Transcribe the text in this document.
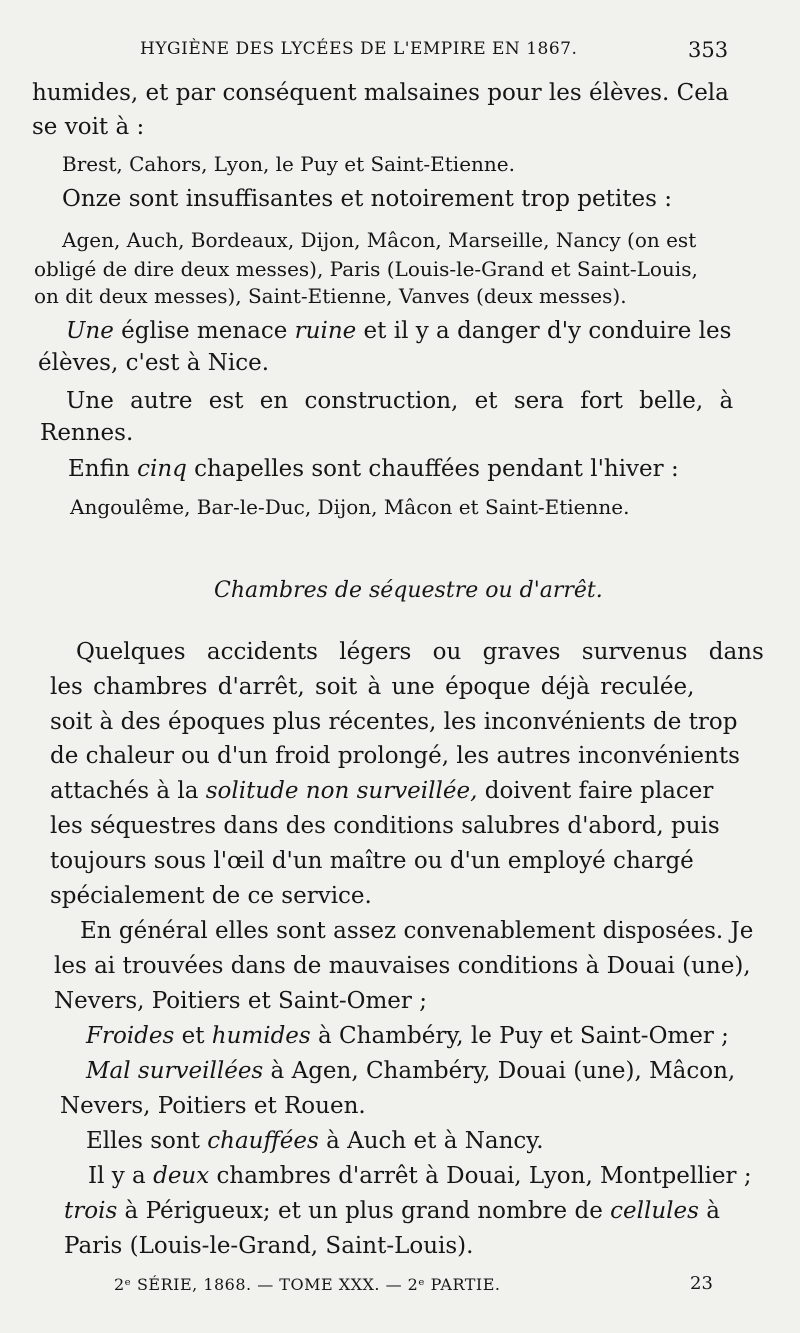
HYGIÈNE DES LYCÉES DE L'EMPIRE EN 1867.	353
humides, et par conséquent malsaines pour les élèves. Cela
se voit à :
Brest, Cahors, Lyon, le Puy et Saint-Etienne.
Onze sont insuffisantes et notoirement trop petites :
Agen, Auch, Bordeaux, Dijon, Mâcon, Marseille, Nancy (on est
obligé de dire deux messes), Paris (Louis-le-Grand et Saint-Louis,
on dit deux messes), Saint-Etienne, Vanves (deux messes).
Une église menace ruine et il y a danger d'y conduire les
élèves, c'est à Nice.
Une autre est en construction, et sera fort belle, à
Rennes.
Enfin cinq chapelles sont chauffées pendant l'hiver :
Angoulême, Bar-le-Duc, Dijon, Mâcon et Saint-Etienne.
Chambres de séquestre ou d'arrêt.
Quelques accidents légers ou graves survenus dans
les chambres d'arrêt, soit à une époque déjà reculée,
soit à des époques plus récentes, les inconvénients de trop
de chaleur ou d'un froid prolongé, les autres inconvénients
attachés à la solitude non surveillée, doivent faire placer
les séquestres dans des conditions salubres d'abord, puis
toujours sous l'œil d'un maître ou d'un employé chargé
spécialement de ce service.
En général elles sont assez convenablement disposées. Je
les ai trouvées dans de mauvaises conditions à Douai (une),
Nevers, Poitiers et Saint-Omer ;
Froides et humides à Chambéry, le Puy et Saint-Omer ;
Mal surveillées à Agen, Chambéry, Douai (une), Mâcon,
Nevers, Poitiers et Rouen.
Elles sont chauffées à Auch et à Nancy.
Il y a deux chambres d'arrêt à Douai, Lyon, Montpellier ;
trois à Périgueux; et un plus grand nombre de cellules à
Paris (Louis-le-Grand, Saint-Louis).
2ᵉ SÉRIE, 1868. — TOME XXX. — 2ᵉ PARTIE.	23
